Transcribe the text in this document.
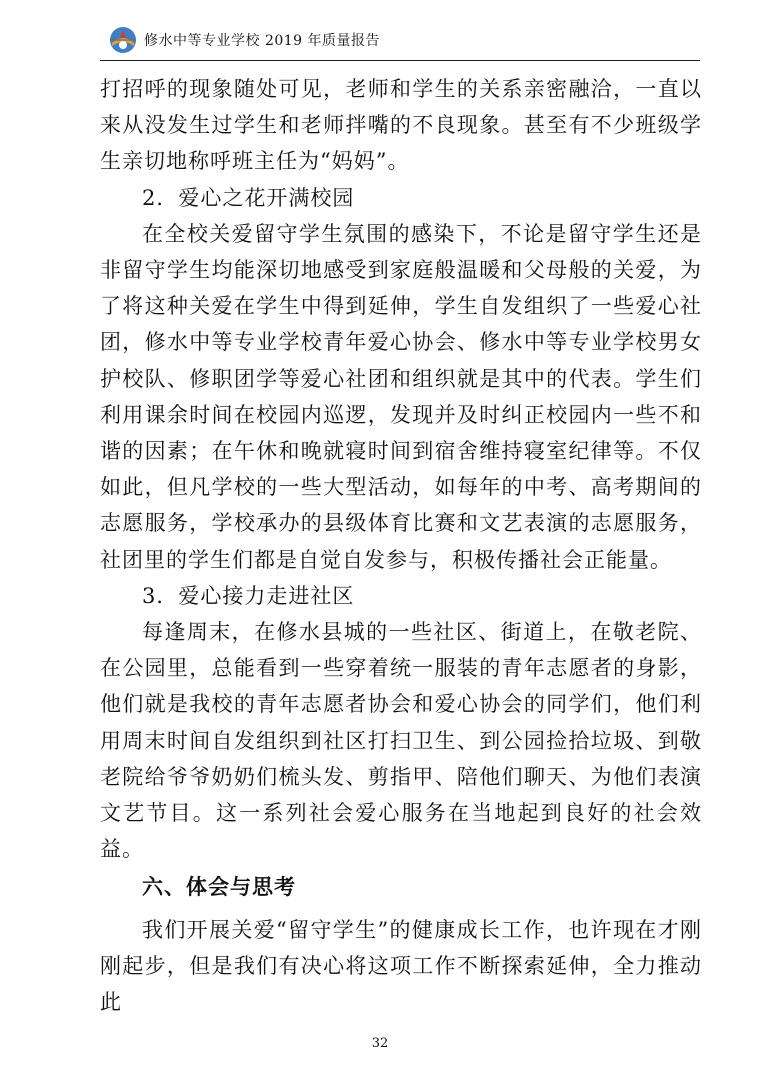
修水中等专业学校 2019 年质量报告

打招呼的现象随处可见，老师和学生的关系亲密融洽，一直以来从没发生过学生和老师拌嘴的不良现象。甚至有不少班级学生亲切地称呼班主任为“妈妈”。

2．爱心之花开满校园

在全校关爱留守学生氛围的感染下，不论是留守学生还是非留守学生均能深切地感受到家庭般温暖和父母般的关爱，为了将这种关爱在学生中得到延伸，学生自发组织了一些爱心社团，修水中等专业学校青年爱心协会、修水中等专业学校男女护校队、修职团学等爱心社团和组织就是其中的代表。学生们利用课余时间在校园内巡逻，发现并及时纠正校园内一些不和谐的因素；在午休和晚就寝时间到宿舍维持寝室纪律等。不仅如此，但凡学校的一些大型活动，如每年的中考、高考期间的志愿服务，学校承办的县级体育比赛和文艺表演的志愿服务，社团里的学生们都是自觉自发参与，积极传播社会正能量。

3．爱心接力走进社区

每逢周末，在修水县城的一些社区、街道上，在敬老院、在公园里，总能看到一些穿着统一服装的青年志愿者的身影，他们就是我校的青年志愿者协会和爱心协会的同学们，他们利用周末时间自发组织到社区打扫卫生、到公园捡拾垃圾、到敬老院给爷爷奶奶们梳头发、剪指甲、陪他们聊天、为他们表演文艺节目。这一系列社会爱心服务在当地起到良好的社会效益。

六、体会与思考

我们开展关爱“留守学生”的健康成长工作，也许现在才刚刚起步，但是我们有决心将这项工作不断探索延伸，全力推动此

32
